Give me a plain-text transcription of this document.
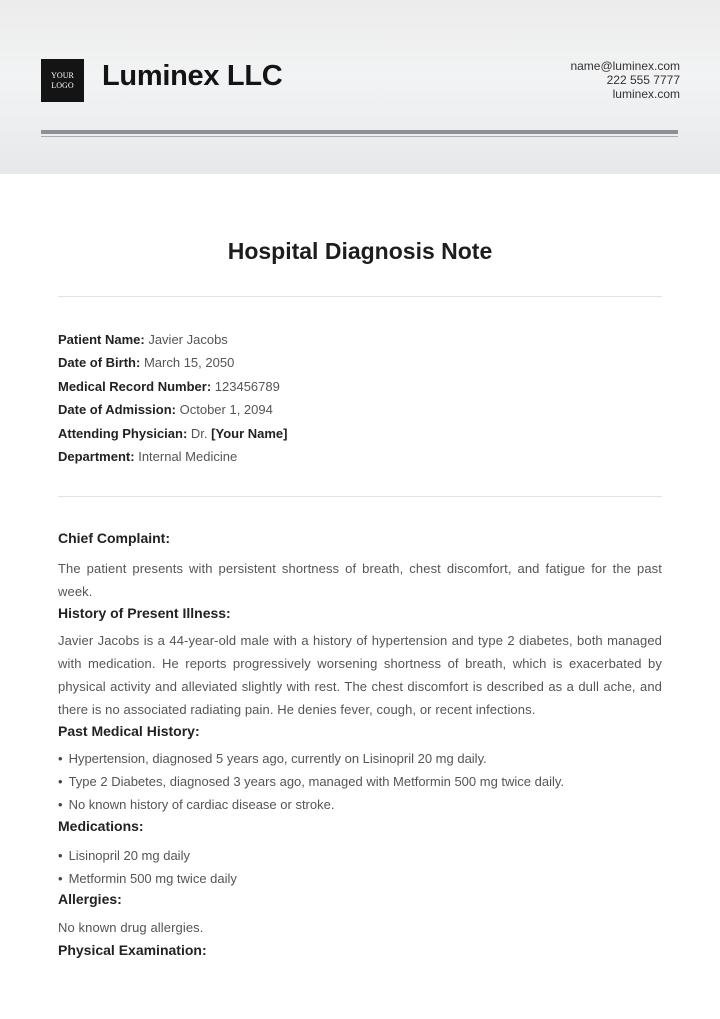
YOUR
LOGO Luminex LLC	name@luminex.com
222 555 7777
luminex.com
Hospital Diagnosis Note
Patient Name: Javier Jacobs
Date of Birth: March 15, 2050
Medical Record Number: 123456789
Date of Admission: October 1, 2094
Attending Physician: Dr. [Your Name]
Department: Internal Medicine
Chief Complaint:
The patient presents with persistent shortness of breath, chest discomfort, and fatigue for the past week.
History of Present Illness:
Javier Jacobs is a 44-year-old male with a history of hypertension and type 2 diabetes, both managed with medication. He reports progressively worsening shortness of breath, which is exacerbated by physical activity and alleviated slightly with rest. The chest discomfort is described as a dull ache, and there is no associated radiating pain. He denies fever, cough, or recent infections.
Past Medical History:
• Hypertension, diagnosed 5 years ago, currently on Lisinopril 20 mg daily.
• Type 2 Diabetes, diagnosed 3 years ago, managed with Metformin 500 mg twice daily.
• No known history of cardiac disease or stroke.
Medications:
• Lisinopril 20 mg daily
• Metformin 500 mg twice daily
Allergies:
No known drug allergies.
Physical Examination:
